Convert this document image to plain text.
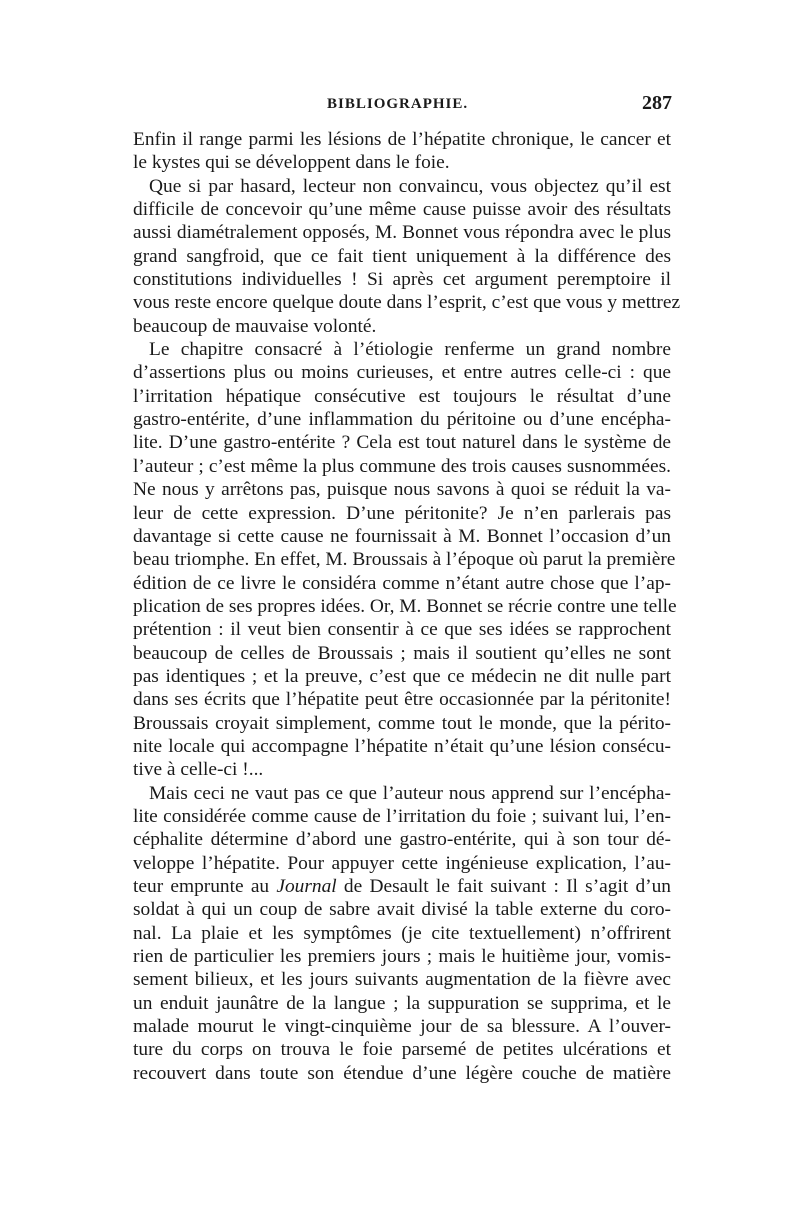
BIBLIOGRAPHIE.	287
Enfin il range parmi les lésions de l’hépatite chronique, le cancer et
le kystes qui se développent dans le foie.
Que si par hasard, lecteur non convaincu, vous objectez qu’il est
difficile de concevoir qu’une même cause puisse avoir des résultats
aussi diamétralement opposés, M. Bonnet vous répondra avec le plus
grand sangfroid, que ce fait tient uniquement à la différence des
constitutions individuelles ! Si après cet argument peremptoire il
vous reste encore quelque doute dans l’esprit, c’est que vous y mettrez
beaucoup de mauvaise volonté.
Le chapitre consacré à l’étiologie renferme un grand nombre
d’assertions plus ou moins curieuses, et entre autres celle-ci : que
l’irritation hépatique consécutive est toujours le résultat d’une
gastro-entérite, d’une inflammation du péritoine ou d’une encépha-
lite. D’une gastro-entérite ? Cela est tout naturel dans le système de
l’auteur ; c’est même la plus commune des trois causes susnommées.
Ne nous y arrêtons pas, puisque nous savons à quoi se réduit la va-
leur de cette expression. D’une péritonite? Je n’en parlerais pas
davantage si cette cause ne fournissait à M. Bonnet l’occasion d’un
beau triomphe. En effet, M. Broussais à l’époque où parut la première
édition de ce livre le considéra comme n’étant autre chose que l’ap-
plication de ses propres idées. Or, M. Bonnet se récrie contre une telle
prétention : il veut bien consentir à ce que ses idées se rapprochent
beaucoup de celles de Broussais ; mais il soutient qu’elles ne sont
pas identiques ; et la preuve, c’est que ce médecin ne dit nulle part
dans ses écrits que l’hépatite peut être occasionnée par la péritonite!
Broussais croyait simplement, comme tout le monde, que la périto-
nite locale qui accompagne l’hépatite n’était qu’une lésion consécu-
tive à celle-ci !...
Mais ceci ne vaut pas ce que l’auteur nous apprend sur l’encépha-
lite considérée comme cause de l’irritation du foie ; suivant lui, l’en-
céphalite détermine d’abord une gastro-entérite, qui à son tour dé-
veloppe l’hépatite. Pour appuyer cette ingénieuse explication, l’au-
teur emprunte au Journal de Desault le fait suivant : Il s’agit d’un
soldat à qui un coup de sabre avait divisé la table externe du coro-
nal. La plaie et les symptômes (je cite textuellement) n’offrirent
rien de particulier les premiers jours ; mais le huitième jour, vomis-
sement bilieux, et les jours suivants augmentation de la fièvre avec
un enduit jaunâtre de la langue ; la suppuration se supprima, et le
malade mourut le vingt-cinquième jour de sa blessure. A l’ouver-
ture du corps on trouva le foie parsemé de petites ulcérations et
recouvert dans toute son étendue d’une légère couche de matière
